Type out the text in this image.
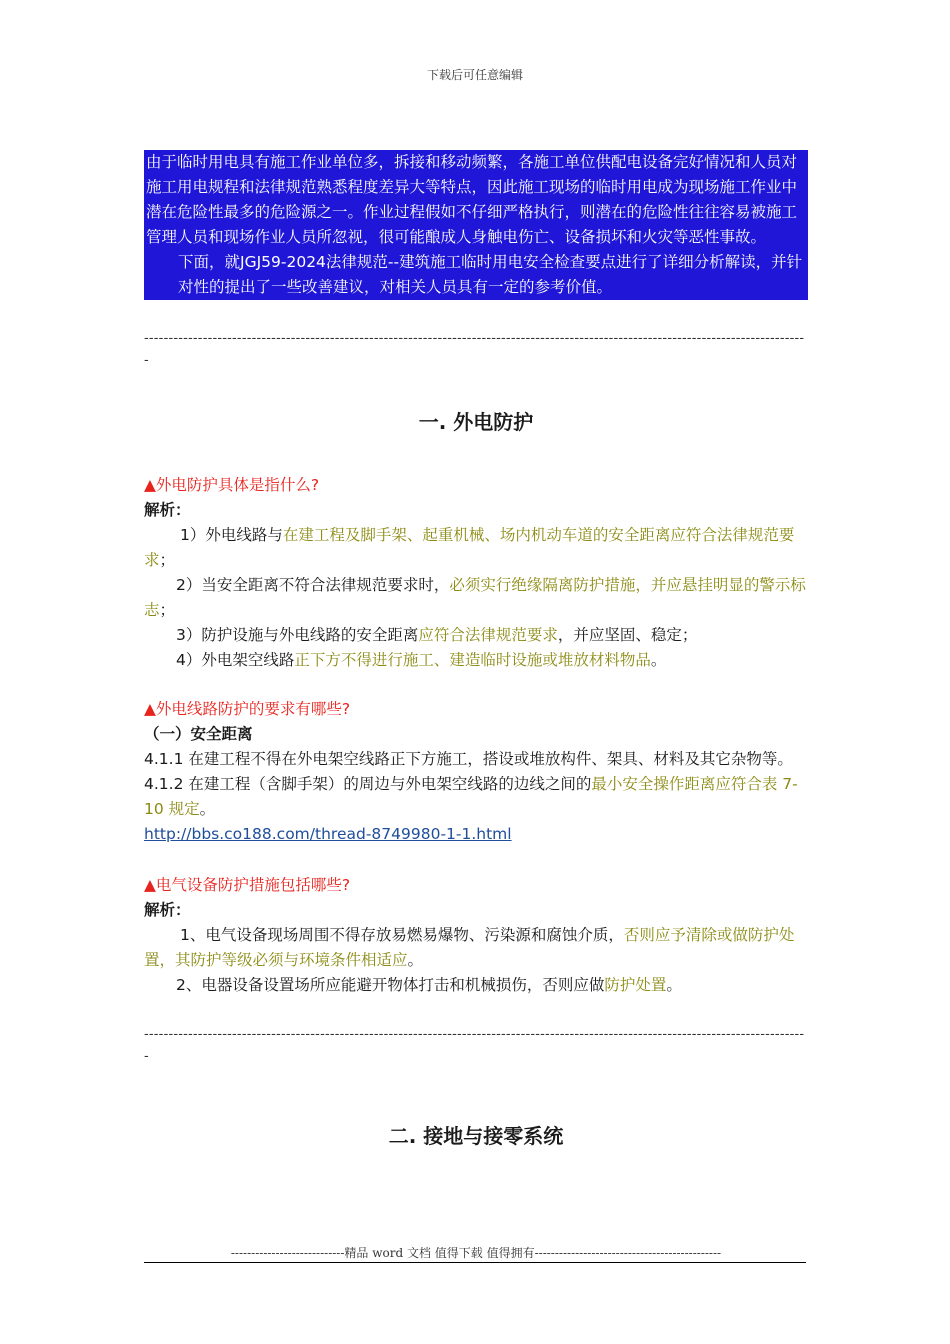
下载后可任意编辑

由于临时用电具有施工作业单位多，拆接和移动频繁，各施工单位供配电设备完好情况和人员对施工用电规程和法律规范熟悉程度差异大等特点，因此施工现场的临时用电成为现场施工作业中潜在危险性最多的危险源之一。作业过程假如不仔细严格执行，则潜在的危险性往往容易被施工管理人员和现场作业人员所忽视，很可能酿成人身触电伤亡、设备损坏和火灾等恶性事故。

下面，就JGJ59-2024法律规范--建筑施工临时用电安全检查要点进行了详细分析解读，并针对性的提出了一些改善建议，对相关人员具有一定的参考价值。

----------------------------------------------------------------------------------------------------------------------------------------
一. 外电防护

▲外电防护具体是指什么?

解析：

1）外电线路与在建工程及脚手架、起重机械、场内机动车道的安全距离应符合法律规范要求；

2）当安全距离不符合法律规范要求时，必须实行绝缘隔离防护措施，并应悬挂明显的警示标志；

3）防护设施与外电线路的安全距离应符合法律规范要求，并应坚固、稳定；

4）外电架空线路正下方不得进行施工、建造临时设施或堆放材料物品。

▲外电线路防护的要求有哪些?

（一）安全距离

4.1.1 在建工程不得在外电架空线路正下方施工，搭设或堆放构件、架具、材料及其它杂物等。

4.1.2 在建工程（含脚手架）的周边与外电架空线路的边线之间的最小安全操作距离应符合表 7-10 规定。

http://bbs.co188.com/thread-8749980-1-1.html

▲电气设备防护措施包括哪些?

解析：

1、电气设备现场周围不得存放易燃易爆物、污染源和腐蚀介质，否则应予清除或做防护处置，其防护等级必须与环境条件相适应。

2、电器设备设置场所应能避开物体打击和机械损伤，否则应做防护处置。

----------------------------------------------------------------------------------------------------------------------------------------
二. 接地与接零系统
----------------------------精品 word 文档 值得下载 值得拥有----------------------------------------------
